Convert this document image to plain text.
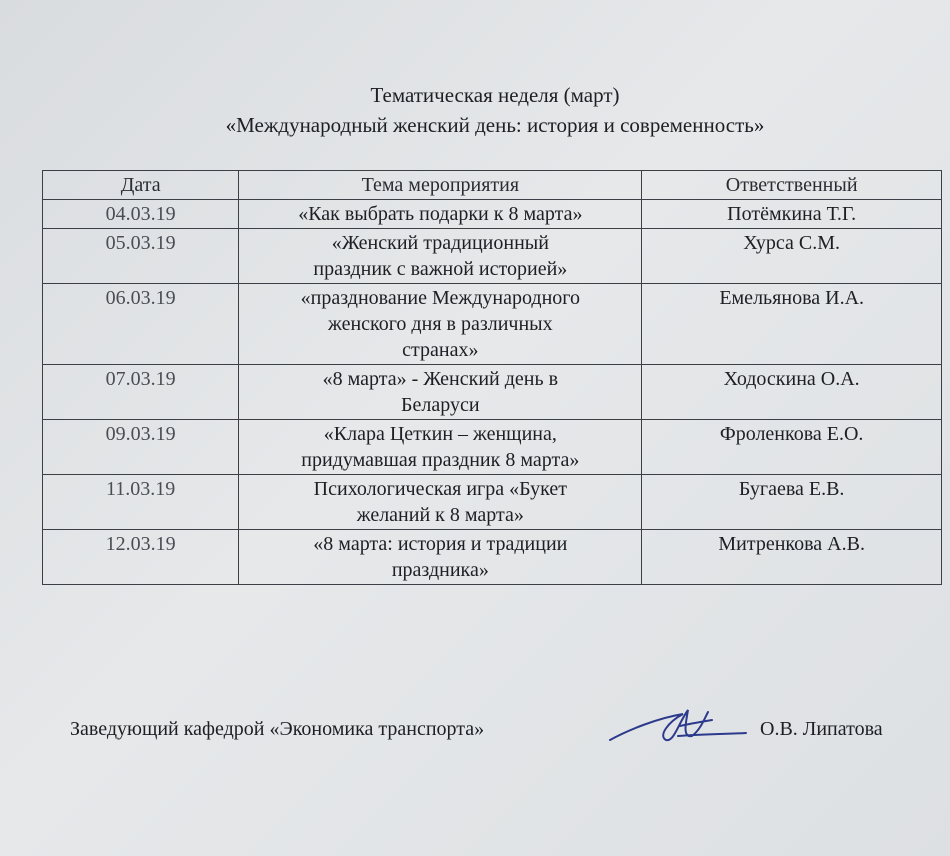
Тематическая неделя (март)
«Международный женский день: история и современность»
Дата	Тема мероприятия	Ответственный
04.03.19	«Как выбрать подарки к 8 марта»	Потёмкина Т.Г.
05.03.19	«Женский традиционный
праздник с важной историей»	Хурса С.М.
06.03.19	«празднование Международного
женского дня в различных
странах»	Емельянова И.А.
07.03.19	«8 марта» - Женский день в
Беларуси	Ходоскина О.А.
09.03.19	«Клара Цеткин – женщина,
придумавшая праздник 8 марта»	Фроленкова Е.О.
11.03.19	Психологическая игра «Букет
желаний к 8 марта»	Бугаева Е.В.
12.03.19	«8 марта: история и традиции
праздника»	Митренкова А.В.
Заведующий кафедрой «Экономика транспорта»	О.В. Липатова
